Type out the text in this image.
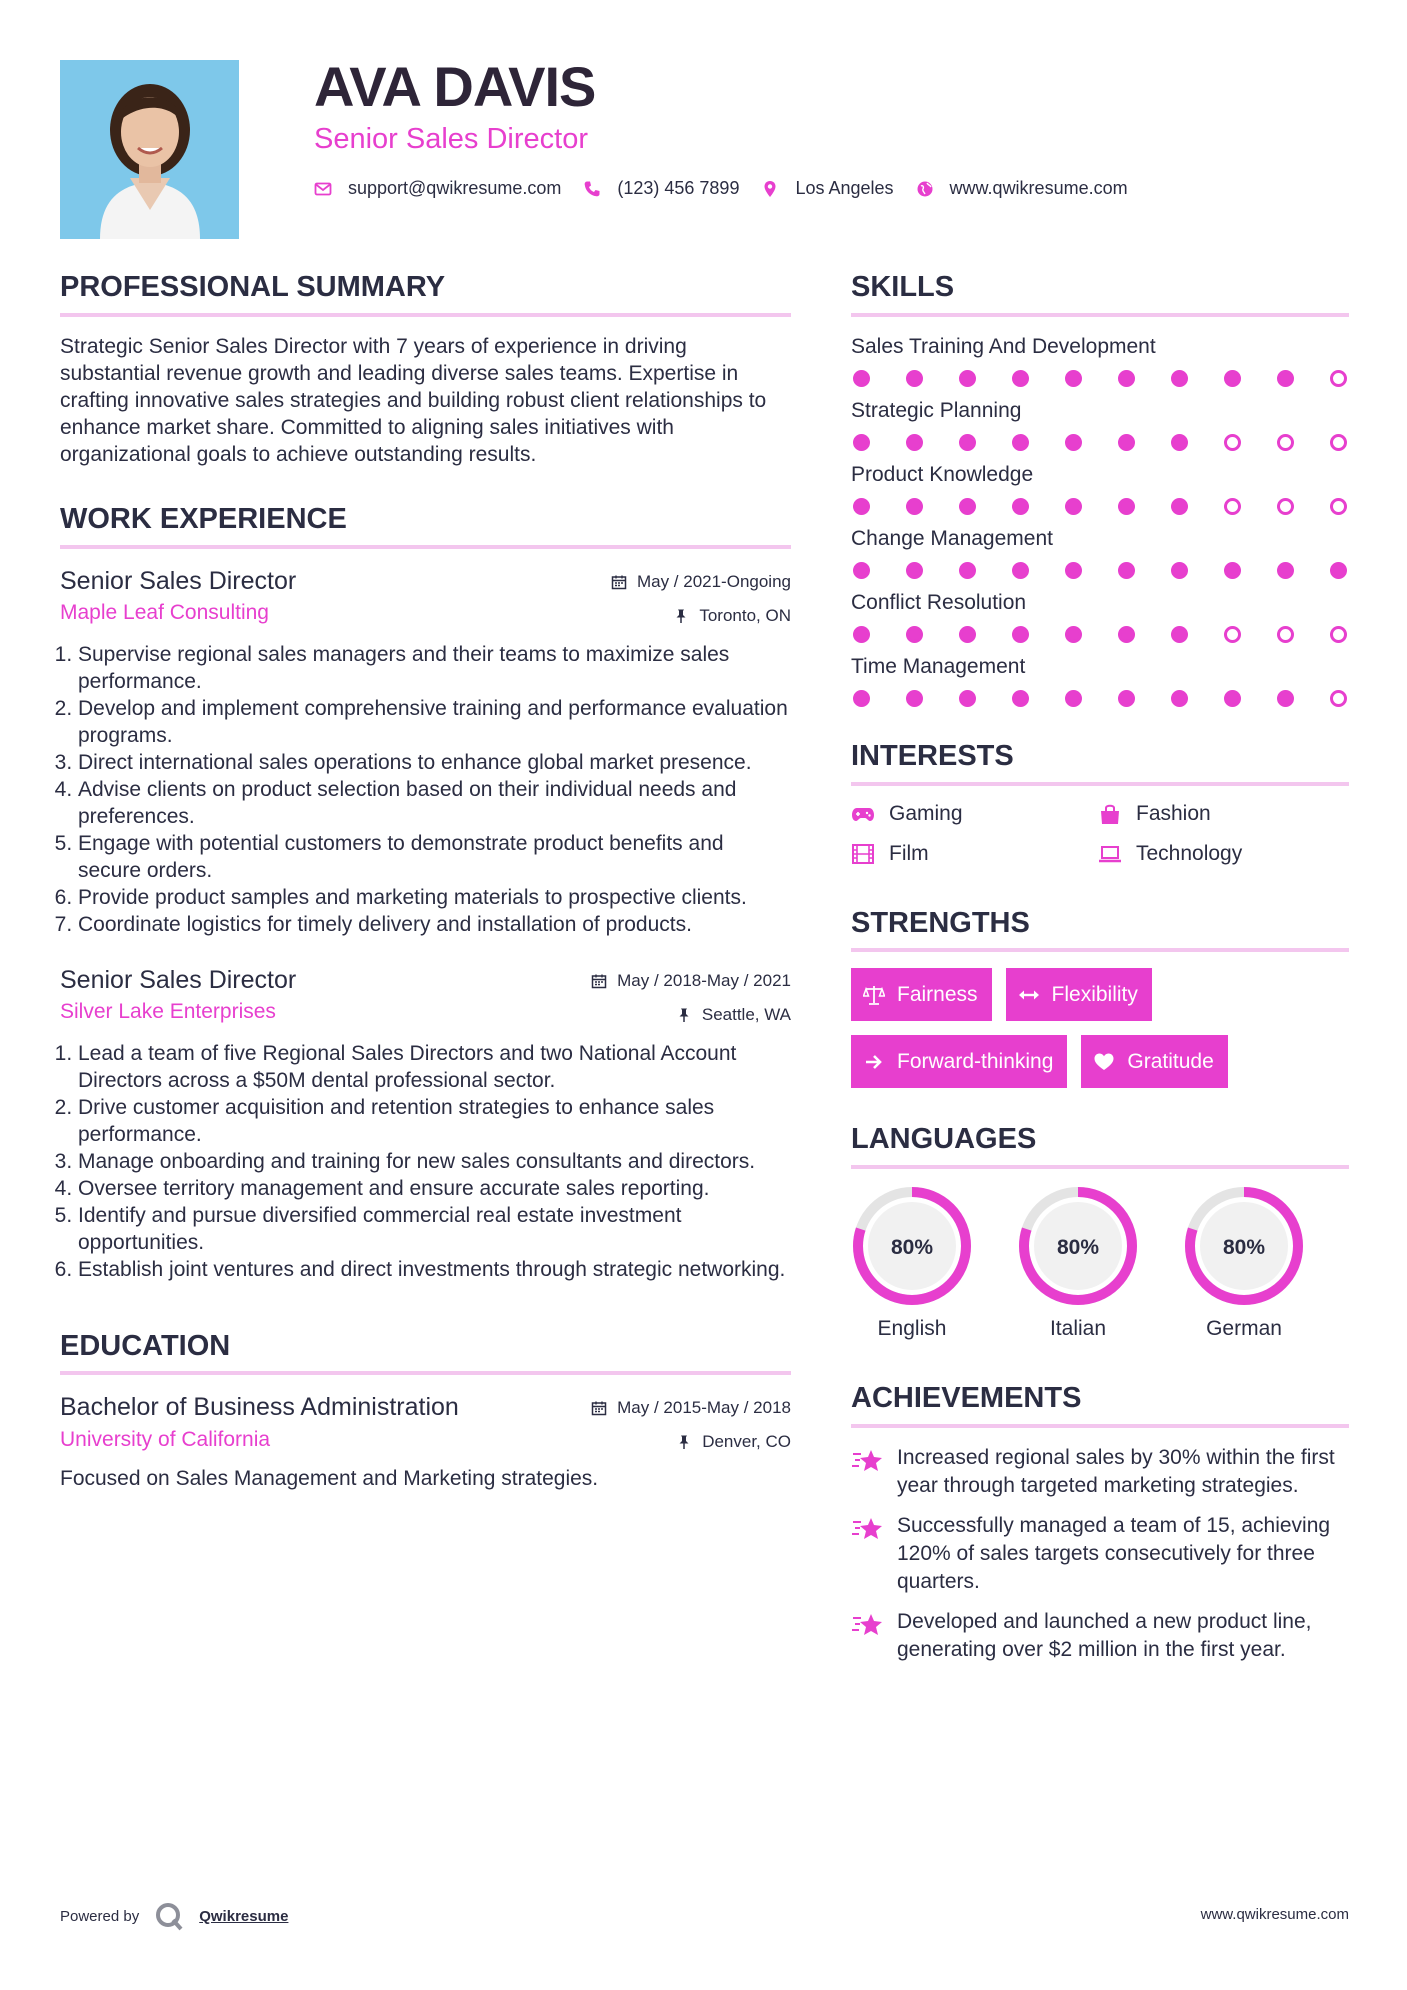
AVA DAVIS
Senior Sales Director
support@qwikresume.com	(123) 456 7899	Los Angeles	www.qwikresume.com
PROFESSIONAL SUMMARY

Strategic Senior Sales Director with 7 years of experience in driving substantial revenue growth and leading diverse sales teams. Expertise in crafting innovative sales strategies and building robust client relationships to enhance market share. Committed to aligning sales initiatives with organizational goals to achieve outstanding results.

WORK EXPERIENCE
Senior Sales Director
Maple Leaf Consulting
May / 2021-Ongoing
Toronto, ON
1. Supervise regional sales managers and their teams to maximize sales performance.
2. Develop and implement comprehensive training and performance evaluation programs.
3. Direct international sales operations to enhance global market presence.
4. Advise clients on product selection based on their individual needs and preferences.
5. Engage with potential customers to demonstrate product benefits and secure orders.
6. Provide product samples and marketing materials to prospective clients.
7. Coordinate logistics for timely delivery and installation of products.
Senior Sales Director
Silver Lake Enterprises
May / 2018-May / 2021
Seattle, WA
1. Lead a team of five Regional Sales Directors and two National Account Directors across a $50M dental professional sector.
2. Drive customer acquisition and retention strategies to enhance sales performance.
3. Manage onboarding and training for new sales consultants and directors.
4. Oversee territory management and ensure accurate sales reporting.
5. Identify and pursue diversified commercial real estate investment opportunities.
6. Establish joint ventures and direct investments through strategic networking.
EDUCATION
Bachelor of Business Administration
University of California
May / 2015-May / 2018
Denver, CO

Focused on Sales Management and Marketing strategies.

SKILLS
Sales Training And Development
Strategic Planning
Product Knowledge
Change Management
Conflict Resolution
Time Management
INTERESTS
Gaming	Fashion
Film	Technology
STRENGTHS
Fairness	Flexibility
Forward-thinking	Gratitude
LANGUAGES
80%
English
80%
Italian
80%
German
ACHIEVEMENTS
Increased regional sales by 30% within the first year through targeted marketing strategies.
Successfully managed a team of 15, achieving 120% of sales targets consecutively for three quarters.
Developed and launched a new product line, generating over $2 million in the first year.
Powered by	Qwikresume	www.qwikresume.com
